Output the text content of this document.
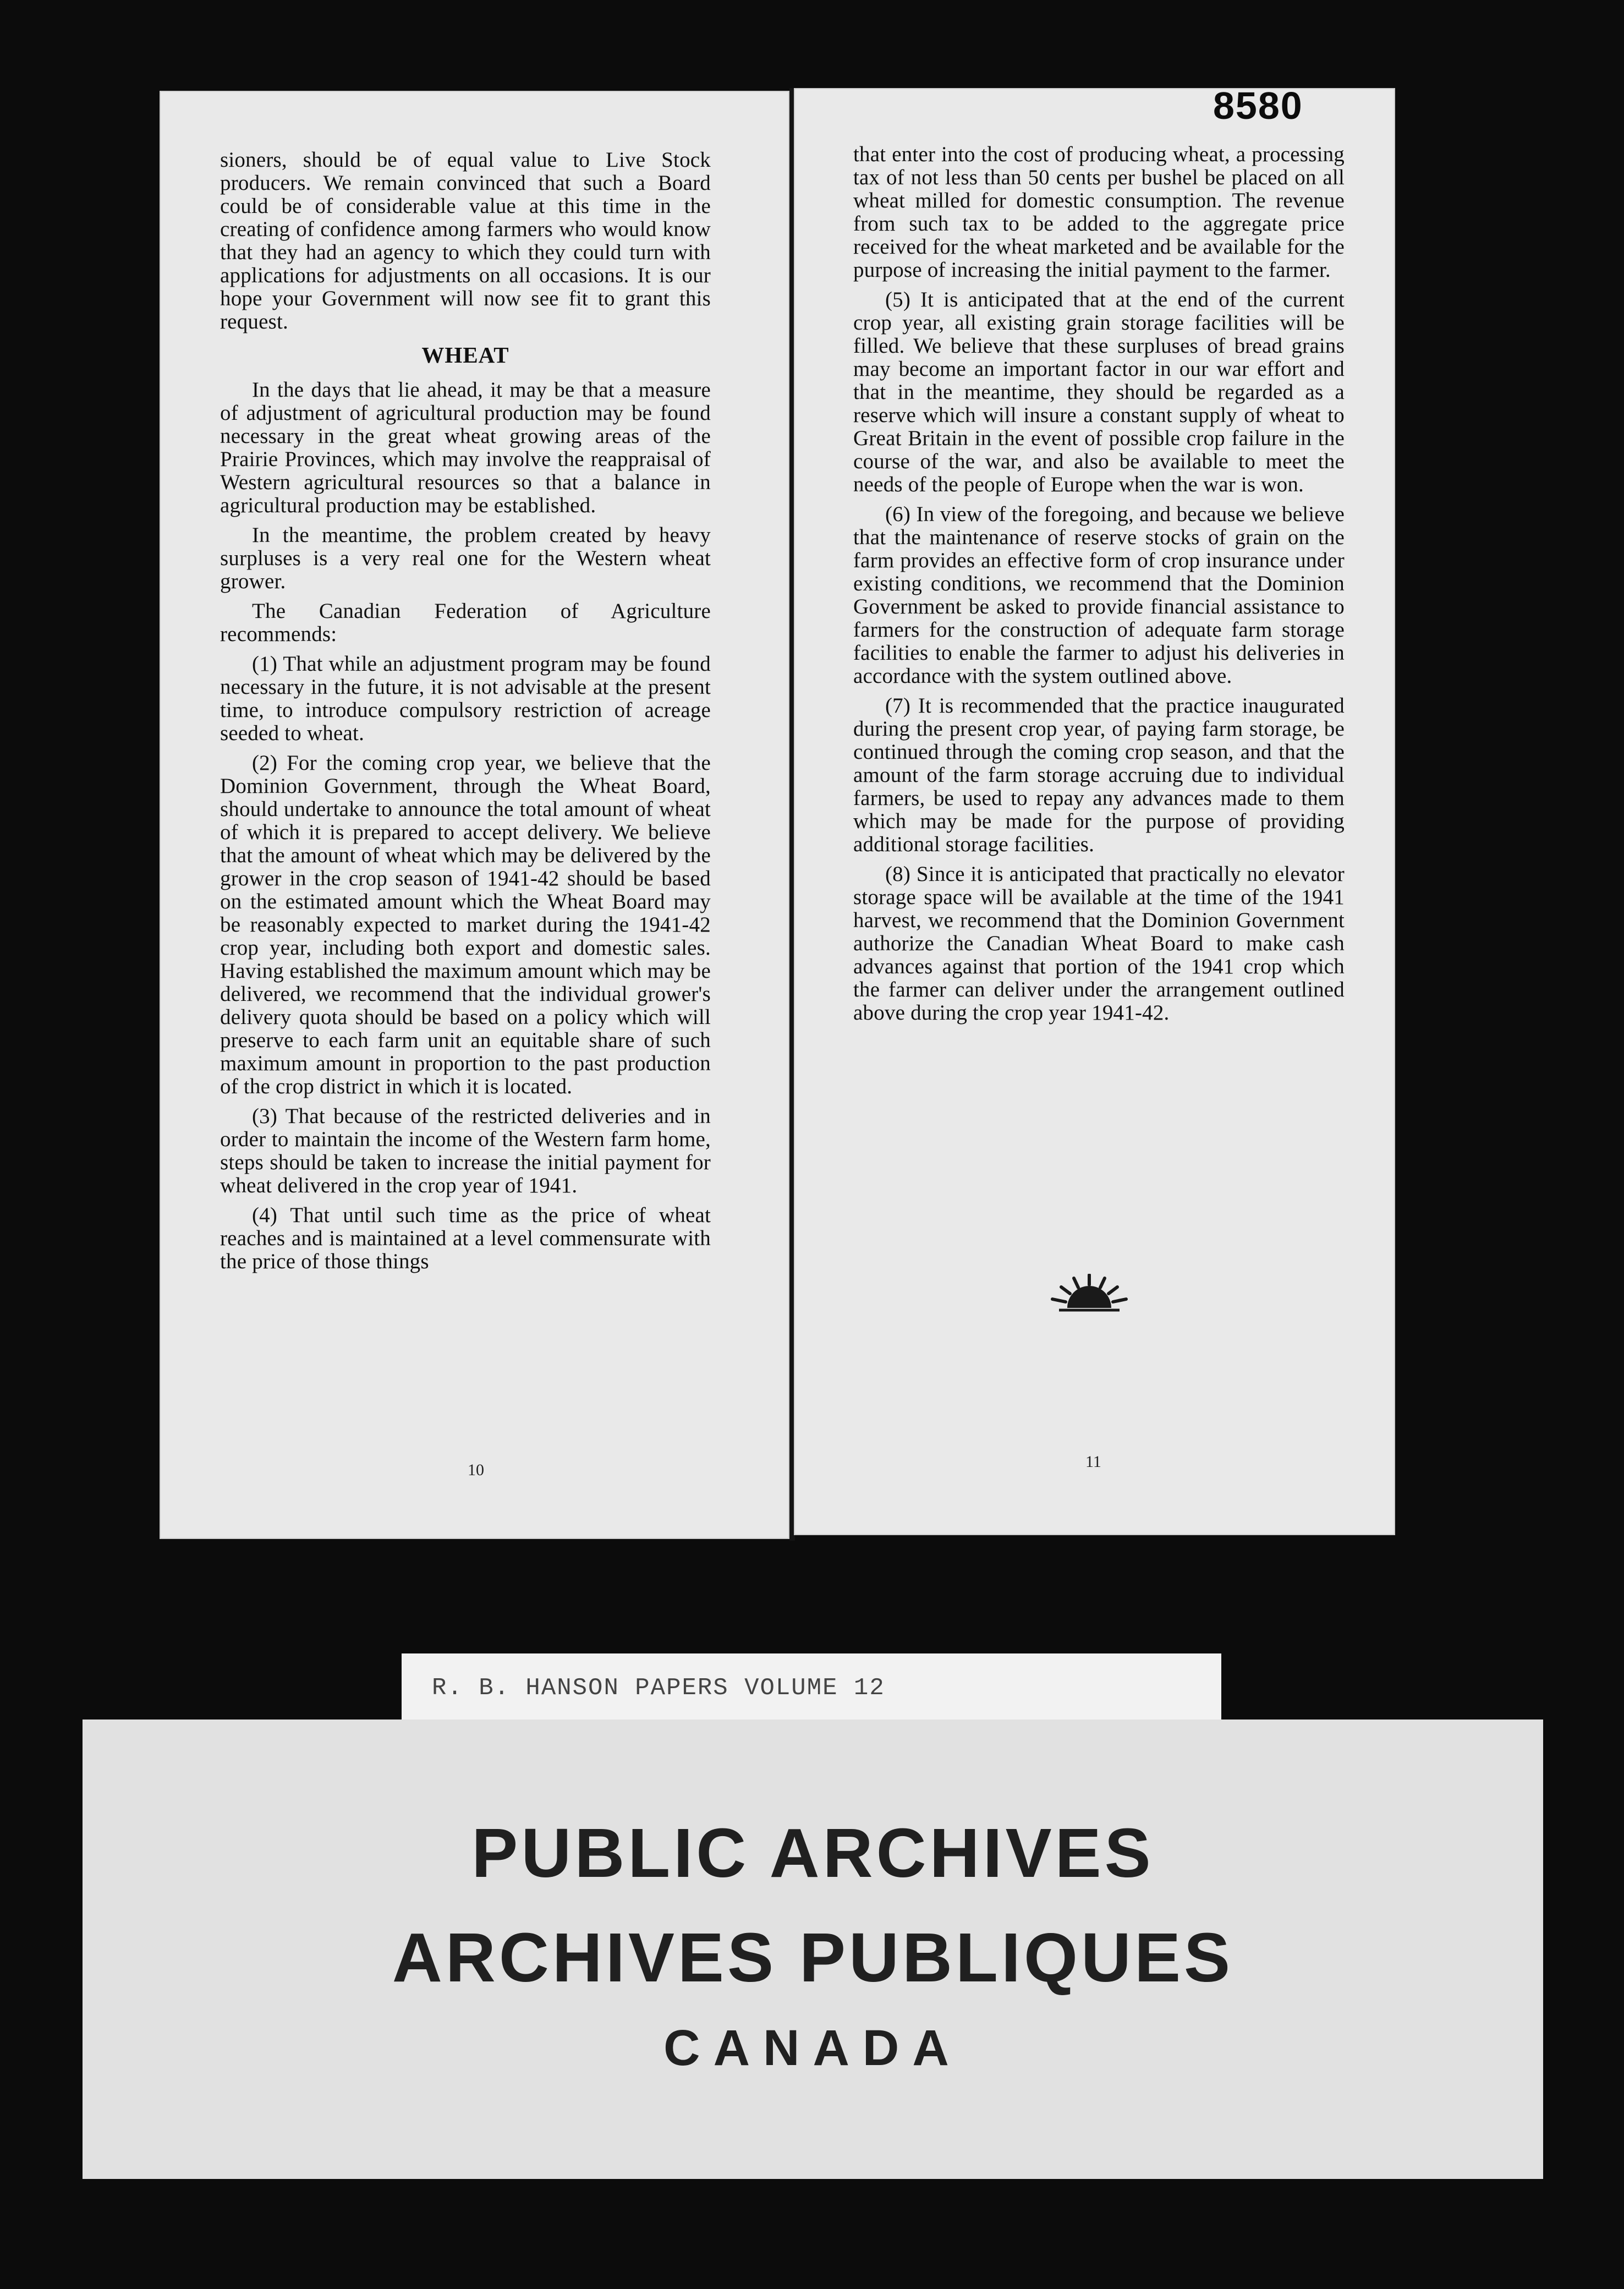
sioners, should be of equal value to Live Stock producers. We remain convinced that such a Board could be of considerable value at this time in the creating of confidence among farmers who would know that they had an agency to which they could turn with applications for adjustments on all occasions. It is our hope your Government will now see fit to grant this request.

WHEAT

In the days that lie ahead, it may be that a measure of adjustment of agricultural production may be found necessary in the great wheat growing areas of the Prairie Provinces, which may involve the reappraisal of Western agricultural resources so that a balance in agricultural production may be established.

In the meantime, the problem created by heavy surpluses is a very real one for the Western wheat grower.

The Canadian Federation of Agriculture recommends:

(1) That while an adjustment program may be found necessary in the future, it is not advisable at the present time, to introduce compulsory restriction of acreage seeded to wheat.

(2) For the coming crop year, we believe that the Dominion Government, through the Wheat Board, should undertake to announce the total amount of wheat of which it is prepared to accept delivery. We believe that the amount of wheat which may be delivered by the grower in the crop season of 1941-42 should be based on the estimated amount which the Wheat Board may be reasonably expected to market during the 1941-42 crop year, including both export and domestic sales. Having established the maximum amount which may be delivered, we recommend that the individual grower's delivery quota should be based on a policy which will preserve to each farm unit an equitable share of such maximum amount in proportion to the past production of the crop district in which it is located.

(3) That because of the restricted deliveries and in order to maintain the income of the Western farm home, steps should be taken to increase the initial payment for wheat delivered in the crop year of 1941.

(4) That until such time as the price of wheat reaches and is maintained at a level commensurate with the price of those things

10

that enter into the cost of producing wheat, a processing tax of not less than 50 cents per bushel be placed on all wheat milled for domestic consumption. The revenue from such tax to be added to the aggregate price received for the wheat marketed and be available for the purpose of increasing the initial payment to the farmer.

(5) It is anticipated that at the end of the current crop year, all existing grain storage facilities will be filled. We believe that these surpluses of bread grains may become an important factor in our war effort and that in the meantime, they should be regarded as a reserve which will insure a constant supply of wheat to Great Britain in the event of possible crop failure in the course of the war, and also be available to meet the needs of the people of Europe when the war is won.

(6) In view of the foregoing, and because we believe that the maintenance of reserve stocks of grain on the farm provides an effective form of crop insurance under existing conditions, we recommend that the Dominion Government be asked to provide financial assistance to farmers for the construction of adequate farm storage facilities to enable the farmer to adjust his deliveries in accordance with the system outlined above.

(7) It is recommended that the practice inaugurated during the present crop year, of paying farm storage, be continued through the coming crop season, and that the amount of the farm storage accruing due to individual farmers, be used to repay any advances made to them which may be made for the purpose of providing additional storage facilities.

(8) Since it is anticipated that practically no elevator storage space will be available at the time of the 1941 harvest, we recommend that the Dominion Government authorize the Canadian Wheat Board to make cash advances against that portion of the 1941 crop which the farmer can deliver under the arrangement outlined above during the crop year 1941-42.

11
8580
R. B. HANSON PAPERS VOLUME 12
PUBLIC ARCHIVES
ARCHIVES PUBLIQUES
CANADA
